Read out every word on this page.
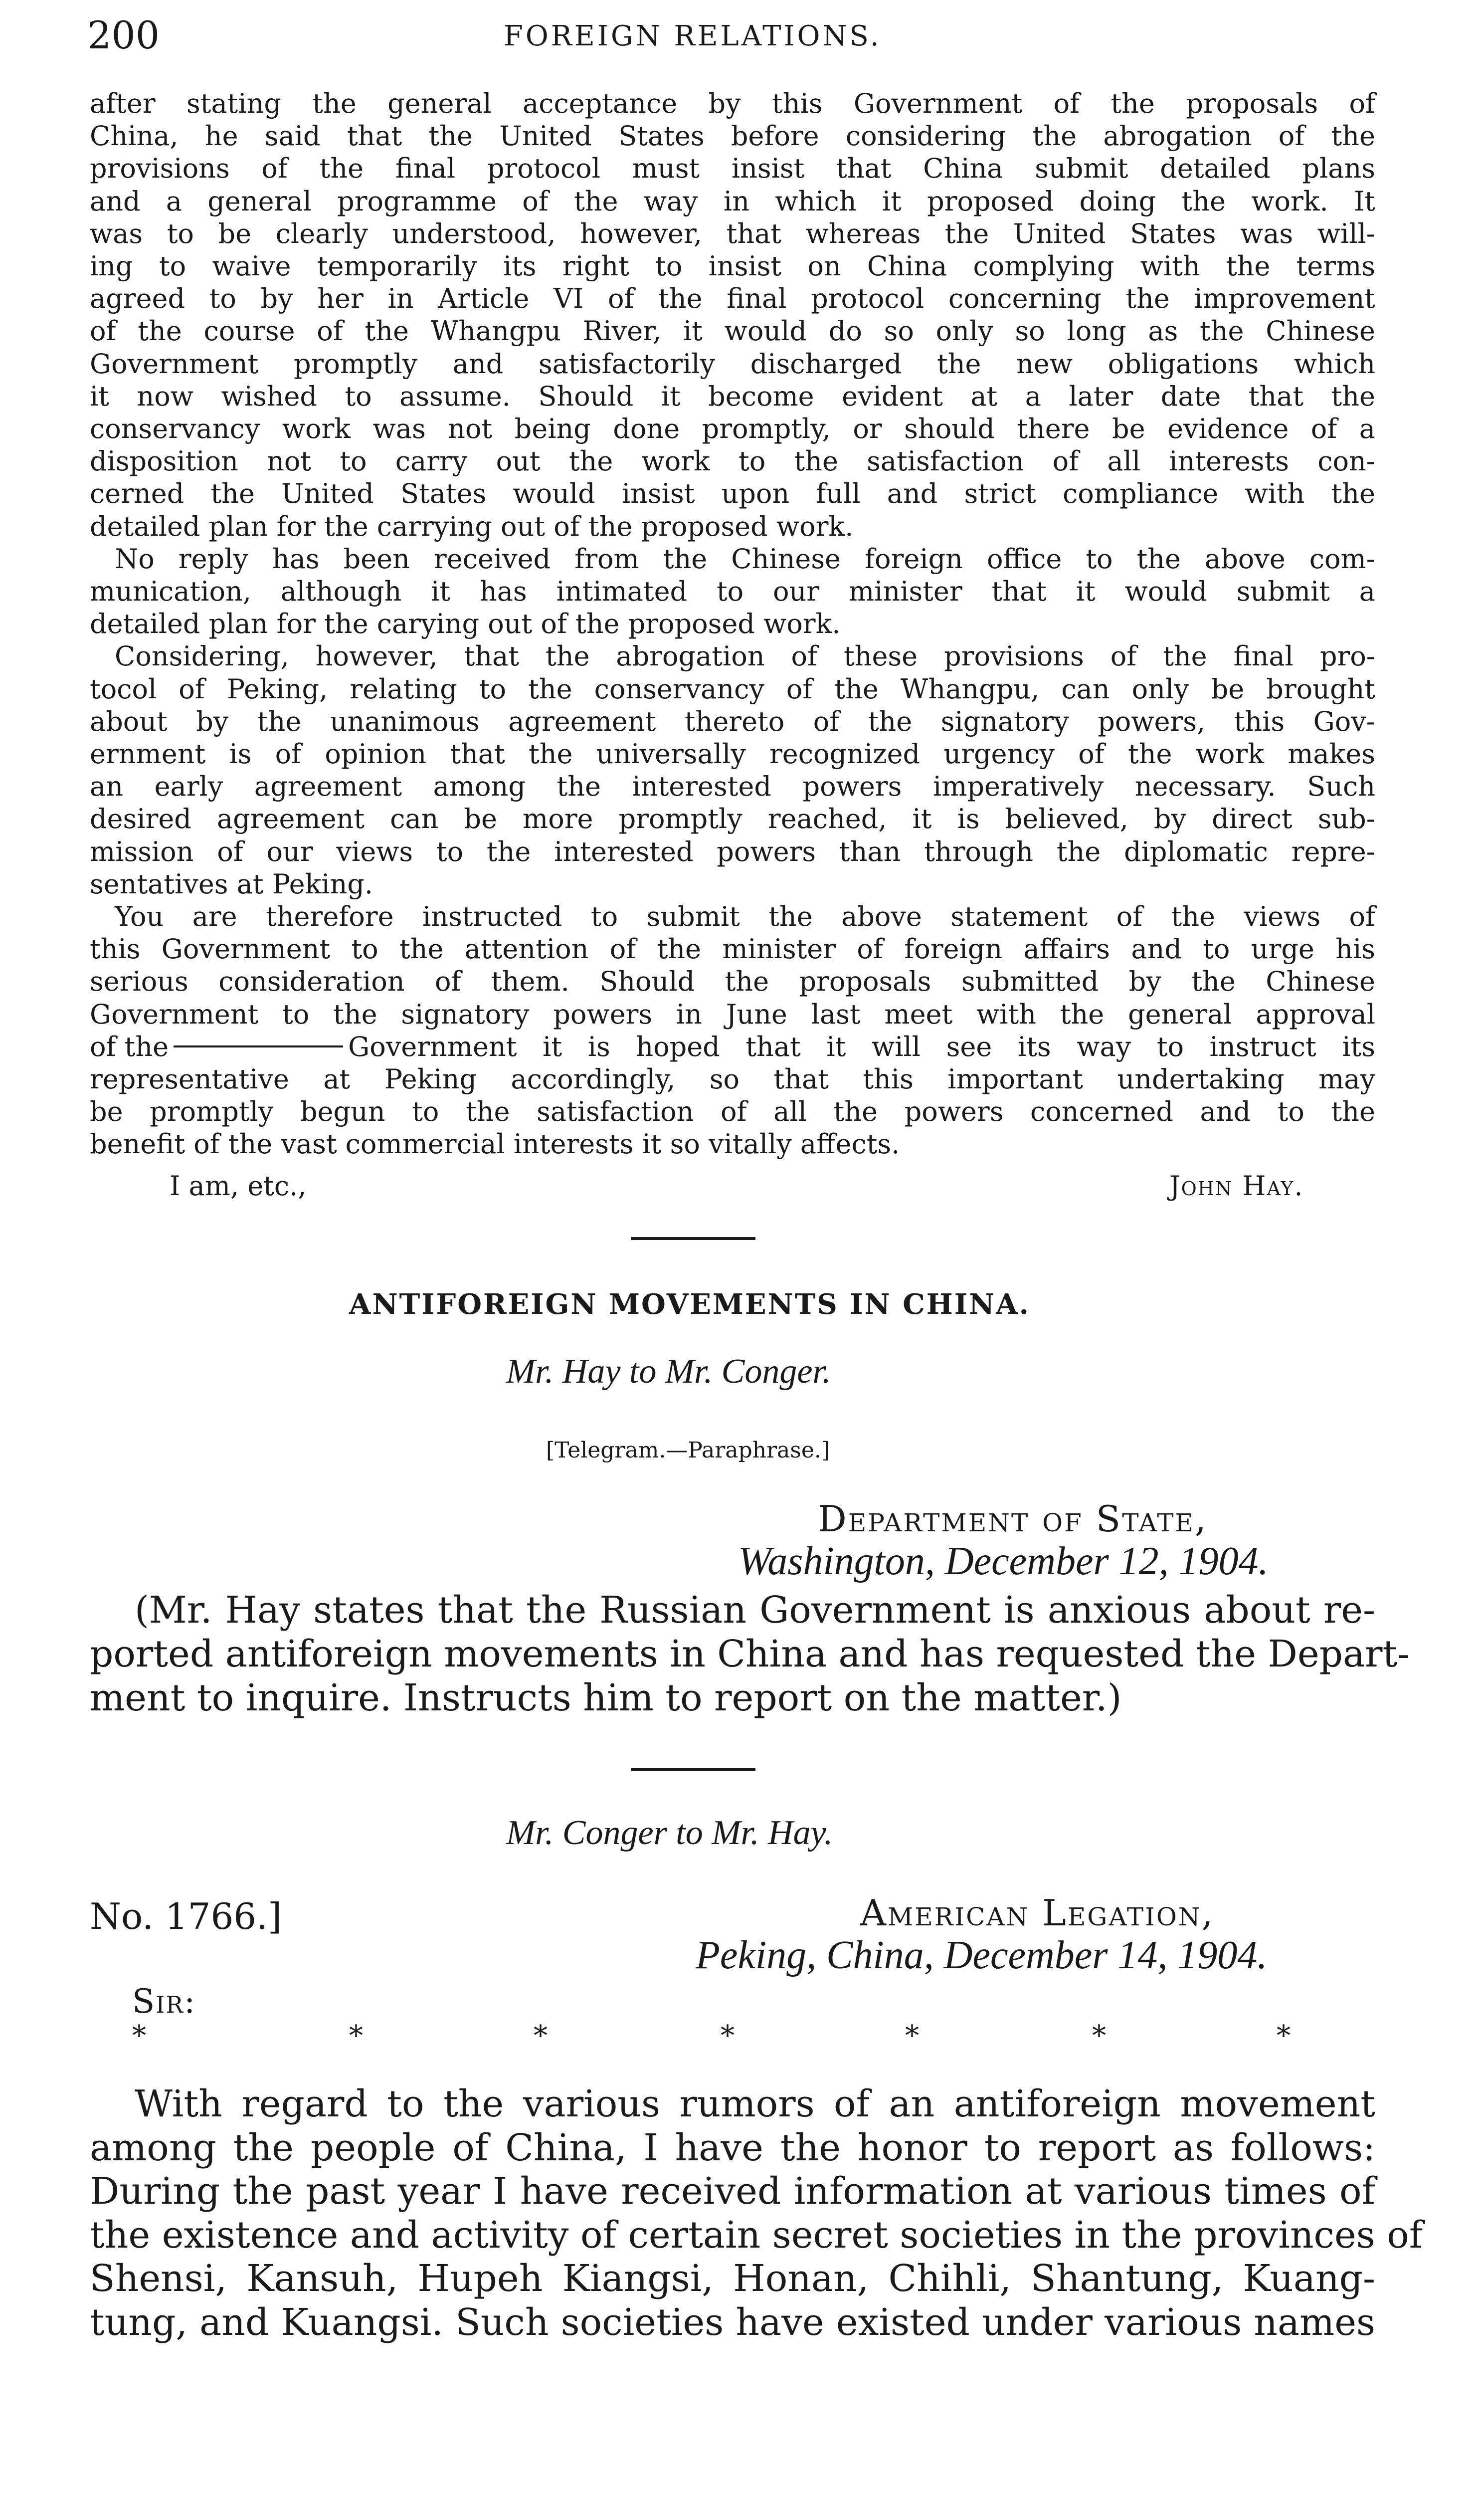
200	FOREIGN RELATIONS.
after stating the general acceptance by this Government of the proposals of
China, he said that the United States before considering the abrogation of the
provisions of the final protocol must insist that China submit detailed plans
and a general programme of the way in which it proposed doing the work. It
was to be clearly understood, however, that whereas the United States was will-
ing to waive temporarily its right to insist on China complying with the terms
agreed to by her in Article VI of the final protocol concerning the improvement
of the course of the Whangpu River, it would do so only so long as the Chinese
Government promptly and satisfactorily discharged the new obligations which
it now wished to assume. Should it become evident at a later date that the
conservancy work was not being done promptly, or should there be evidence of a
disposition not to carry out the work to the satisfaction of all interests con-
cerned the United States would insist upon full and strict compliance with the
detailed plan for the carrying out of the proposed work.
No reply has been received from the Chinese foreign office to the above com-
munication, although it has intimated to our minister that it would submit a
detailed plan for the carying out of the proposed work.
Considering, however, that the abrogation of these provisions of the final pro-
tocol of Peking, relating to the conservancy of the Whangpu, can only be brought
about by the unanimous agreement thereto of the signatory powers, this Gov-
ernment is of opinion that the universally recognized urgency of the work makes
an early agreement among the interested powers imperatively necessary. Such
desired agreement can be more promptly reached, it is believed, by direct sub-
mission of our views to the interested powers than through the diplomatic repre-
sentatives at Peking.
You are therefore instructed to submit the above statement of the views of
this Government to the attention of the minister of foreign affairs and to urge his
serious consideration of them. Should the proposals submitted by the Chinese
Government to the signatory powers in June last meet with the general approval
of the	Government it is hoped that it will see its way to instruct its
representative at Peking accordingly, so that this important undertaking may
be promptly begun to the satisfaction of all the powers concerned and to the
benefit of the vast commercial interests it so vitally affects.
I am, etc.,	John Hay.
ANTIFOREIGN MOVEMENTS IN CHINA.
Mr. Hay to Mr. Conger.
[Telegram.—Paraphrase.]
Department of State,
Washington, December 12, 1904.
(Mr. Hay states that the Russian Government is anxious about re-
ported antiforeign movements in China and has requested the Depart-
ment to inquire. Instructs him to report on the matter.)
Mr. Conger to Mr. Hay.
No. 1766.]	American Legation,
Peking, China, December 14, 1904.
Sir:
*	*	*	*	*	*	*
With regard to the various rumors of an antiforeign movement
among the people of China, I have the honor to report as follows:
During the past year I have received information at various times of
the existence and activity of certain secret societies in the provinces of
Shensi, Kansuh, Hupeh Kiangsi, Honan, Chihli, Shantung, Kuang-
tung, and Kuangsi. Such societies have existed under various names
